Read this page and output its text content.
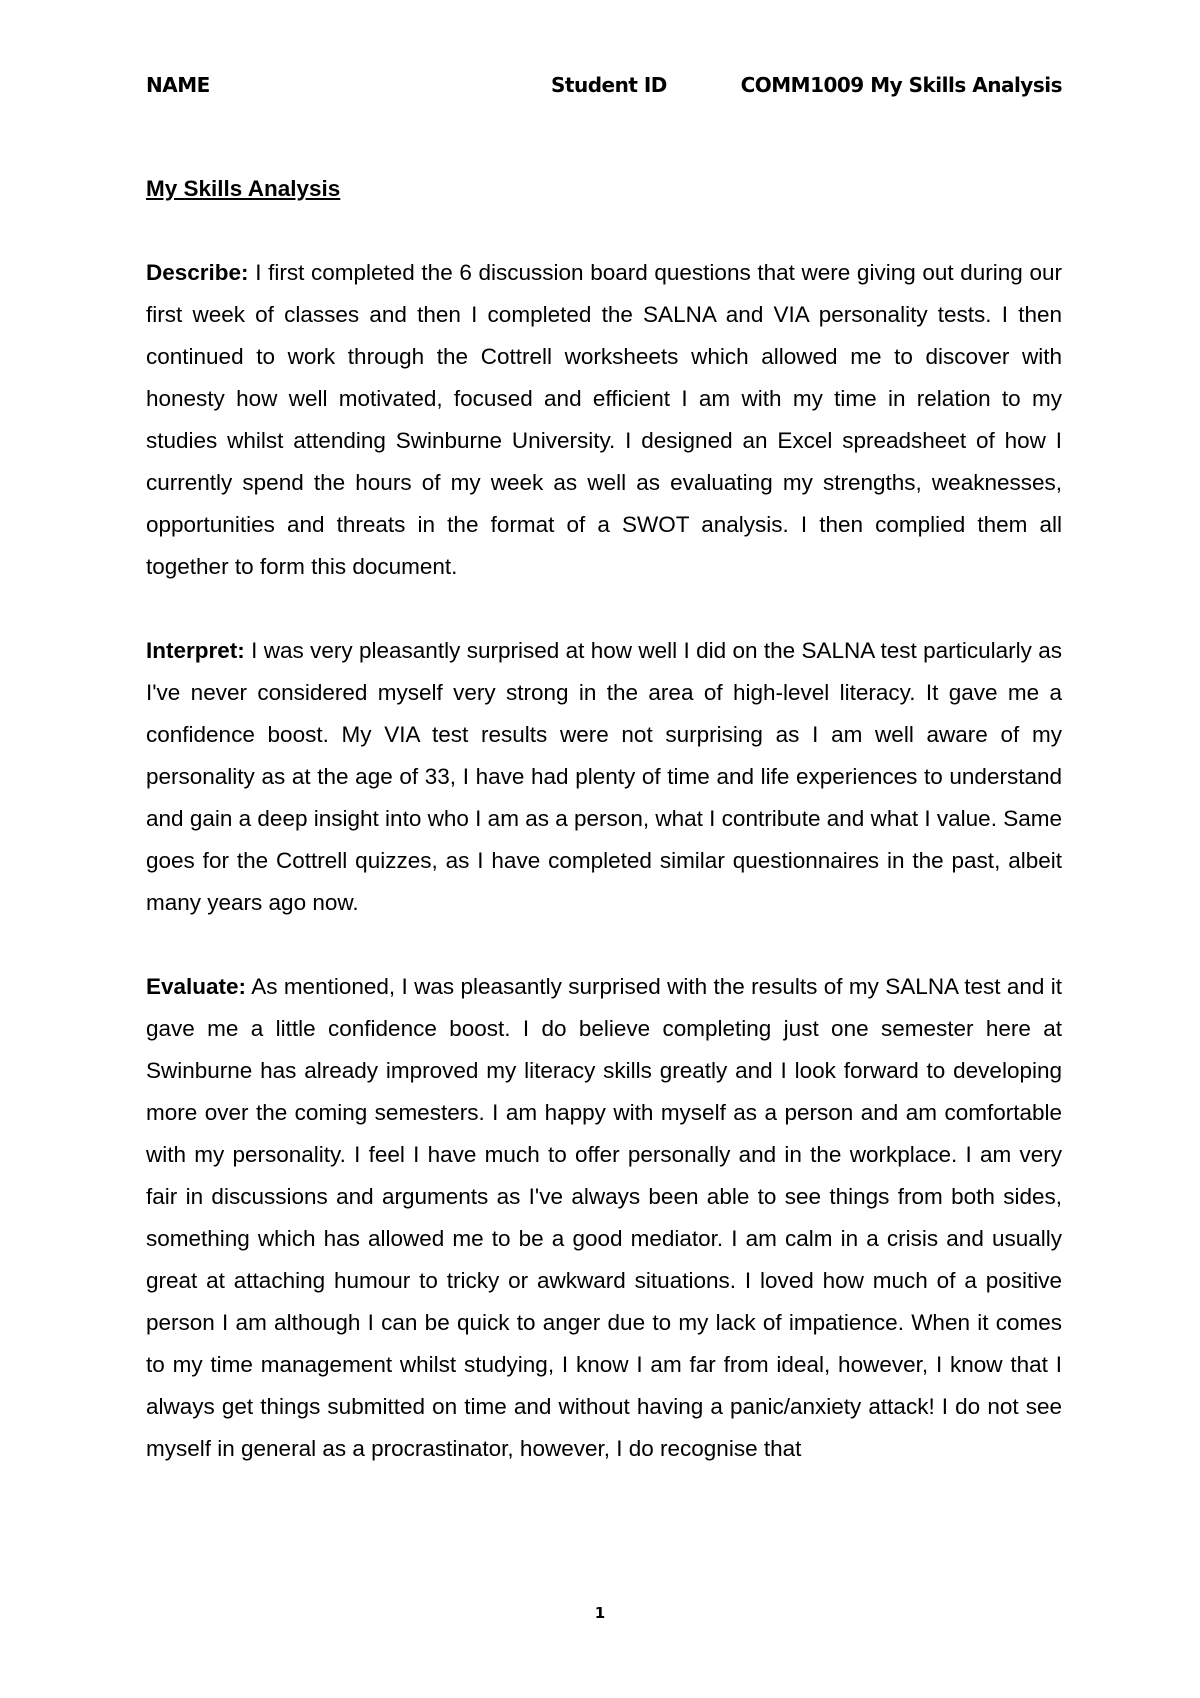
NAME	Student ID	COMM1009 My Skills Analysis
My Skills Analysis

Describe: I first completed the 6 discussion board questions that were giving out during our first week of classes and then I completed the SALNA and VIA personality tests. I then continued to work through the Cottrell worksheets which allowed me to discover with honesty how well motivated, focused and efficient I am with my time in relation to my studies whilst attending Swinburne University. I designed an Excel spreadsheet of how I currently spend the hours of my week as well as evaluating my strengths, weaknesses, opportunities and threats in the format of a SWOT analysis. I then complied them all together to form this document.

Interpret: I was very pleasantly surprised at how well I did on the SALNA test particularly as I've never considered myself very strong in the area of high-level literacy. It gave me a confidence boost. My VIA test results were not surprising as I am well aware of my personality as at the age of 33, I have had plenty of time and life experiences to understand and gain a deep insight into who I am as a person, what I contribute and what I value. Same goes for the Cottrell quizzes, as I have completed similar questionnaires in the past, albeit many years ago now.

Evaluate: As mentioned, I was pleasantly surprised with the results of my SALNA test and it gave me a little confidence boost. I do believe completing just one semester here at Swinburne has already improved my literacy skills greatly and I look forward to developing more over the coming semesters. I am happy with myself as a person and am comfortable with my personality. I feel I have much to offer personally and in the workplace. I am very fair in discussions and arguments as I've always been able to see things from both sides, something which has allowed me to be a good mediator. I am calm in a crisis and usually great at attaching humour to tricky or awkward situations. I loved how much of a positive person I am although I can be quick to anger due to my lack of impatience. When it comes to my time management whilst studying, I know I am far from ideal, however, I know that I always get things submitted on time and without having a panic/anxiety attack! I do not see myself in general as a procrastinator, however, I do recognise that

1
